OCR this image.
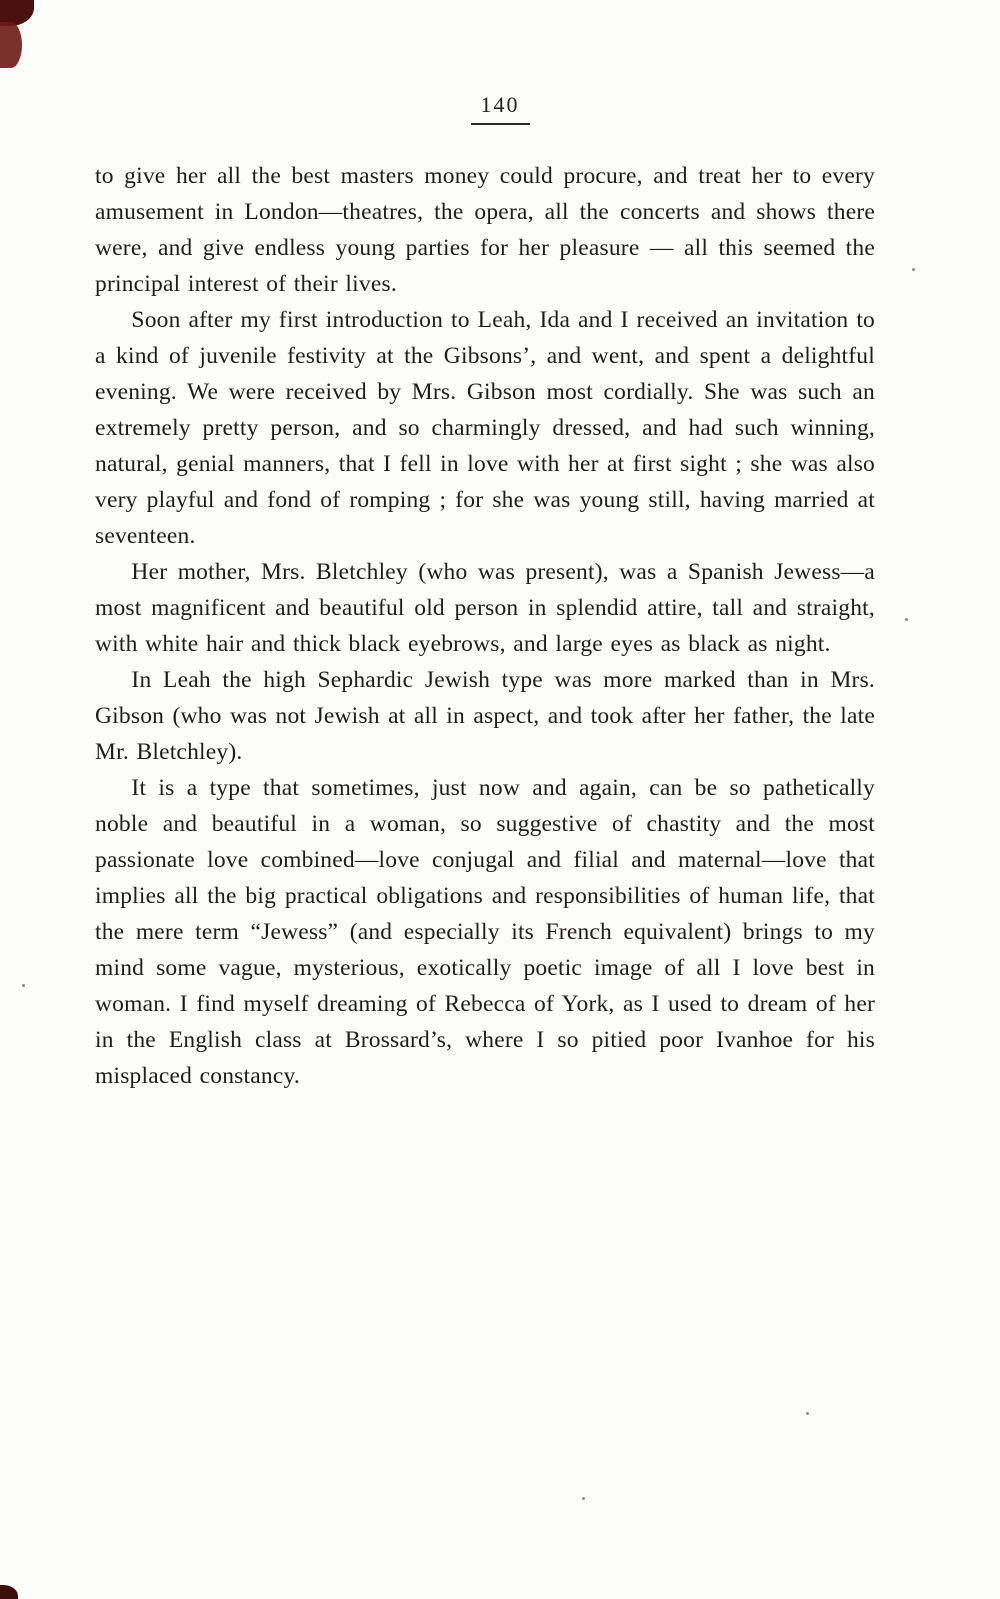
140

to give her all the best masters money could procure, and treat her to every amusement in London—theatres, the opera, all the concerts and shows there were, and give endless young parties for her pleasure — all this seemed the principal interest of their lives.

Soon after my first introduction to Leah, Ida and I received an invitation to a kind of juvenile festivity at the Gibsons’, and went, and spent a delightful evening. We were received by Mrs. Gibson most cordially. She was such an extremely pretty person, and so charmingly dressed, and had such winning, natural, genial manners, that I fell in love with her at first sight ; she was also very playful and fond of romping ; for she was young still, having married at seventeen.

Her mother, Mrs. Bletchley (who was present), was a Spanish Jewess—a most magnificent and beautiful old person in splendid attire, tall and straight, with white hair and thick black eyebrows, and large eyes as black as night.

In Leah the high Sephardic Jewish type was more marked than in Mrs. Gibson (who was not Jewish at all in aspect, and took after her father, the late Mr. Bletchley).

It is a type that sometimes, just now and again, can be so pathetically noble and beautiful in a woman, so suggestive of chastity and the most passionate love combined—love conjugal and filial and maternal—love that implies all the big practical obligations and responsibilities of human life, that the mere term “Jewess” (and especially its French equivalent) brings to my mind some vague, mysterious, exotically poetic image of all I love best in woman. I find myself dreaming of Rebecca of York, as I used to dream of her in the English class at Brossard’s, where I so pitied poor Ivanhoe for his misplaced constancy.
